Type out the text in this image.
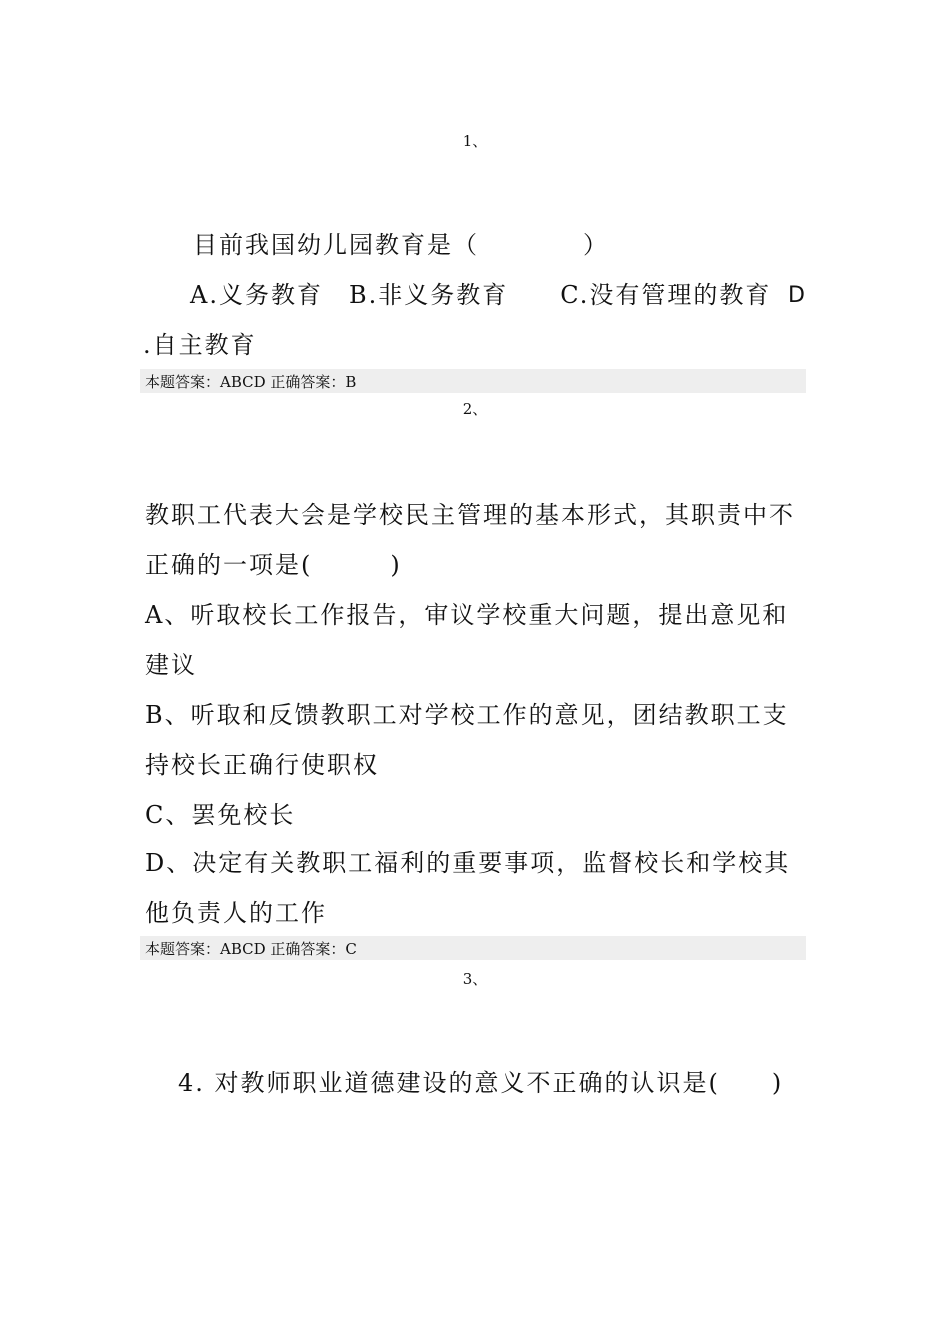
1、
目前我国幼儿园教育是（　　　　）
A.义务教育　B.非义务教育　　C.没有管理的教育 D
.自主教育
本题答案：ABCD 正确答案：B
2、
教职工代表大会是学校民主管理的基本形式，其职责中不
正确的一项是(　　　)
A、听取校长工作报告，审议学校重大问题，提出意见和
建议
B、听取和反馈教职工对学校工作的意见，团结教职工支
持校长正确行使职权
C、罢免校长
D、决定有关教职工福利的重要事项，监督校长和学校其
他负责人的工作
本题答案：ABCD 正确答案：C
3、
4. 对教师职业道德建设的意义不正确的认识是(　　)
